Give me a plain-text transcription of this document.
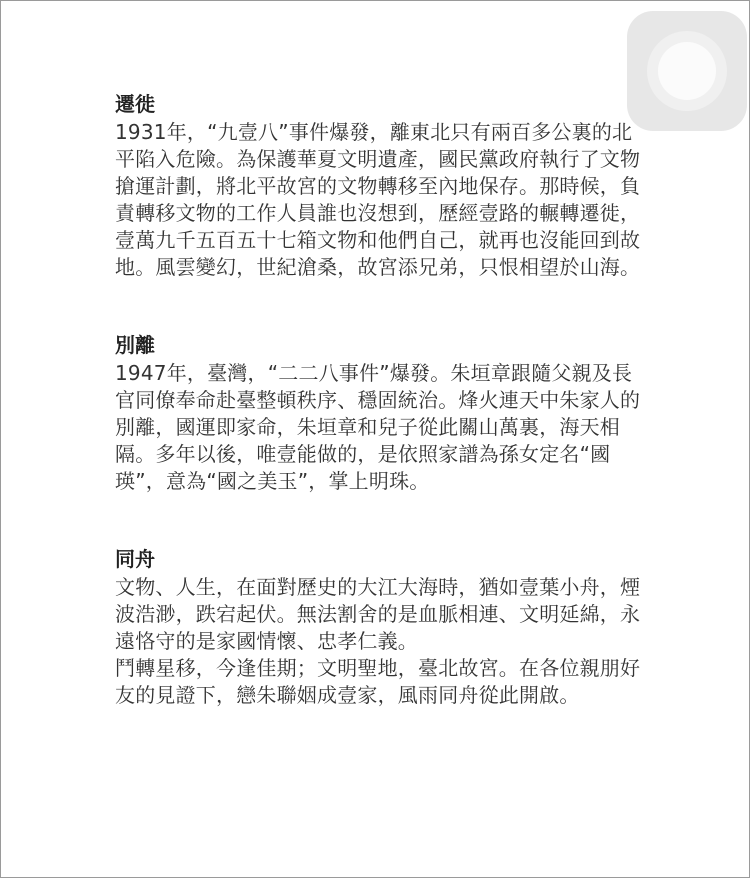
遷徙

1931年，“九壹八”事件爆發，離東北只有兩百多公裏的北平陷入危險。為保護華夏文明遺產，國民黨政府執行了文物搶運計劃，將北平故宮的文物轉移至內地保存。那時候，負責轉移文物的工作人員誰也沒想到，歷經壹路的輾轉遷徙，壹萬九千五百五十七箱文物和他們自己，就再也沒能回到故地。風雲變幻，世紀滄桑，故宮添兄弟，只恨相望於山海。

別離

1947年，臺灣，“二二八事件”爆發。朱垣章跟隨父親及長官同僚奉命赴臺整頓秩序、穩固統治。烽火連天中朱家人的別離，國運即家命，朱垣章和兒子從此關山萬裏，海天相隔。多年以後，唯壹能做的，是依照家譜為孫女定名“國瑛”，意為“國之美玉”，掌上明珠。

同舟

文物、人生，在面對歷史的大江大海時，猶如壹葉小舟，煙波浩渺，跌宕起伏。無法割舍的是血脈相連、文明延綿，永遠恪守的是家國情懷、忠孝仁義。

鬥轉星移，今逢佳期；文明聖地，臺北故宮。在各位親朋好友的見證下，戀朱聯姻成壹家，風雨同舟從此開啟。
